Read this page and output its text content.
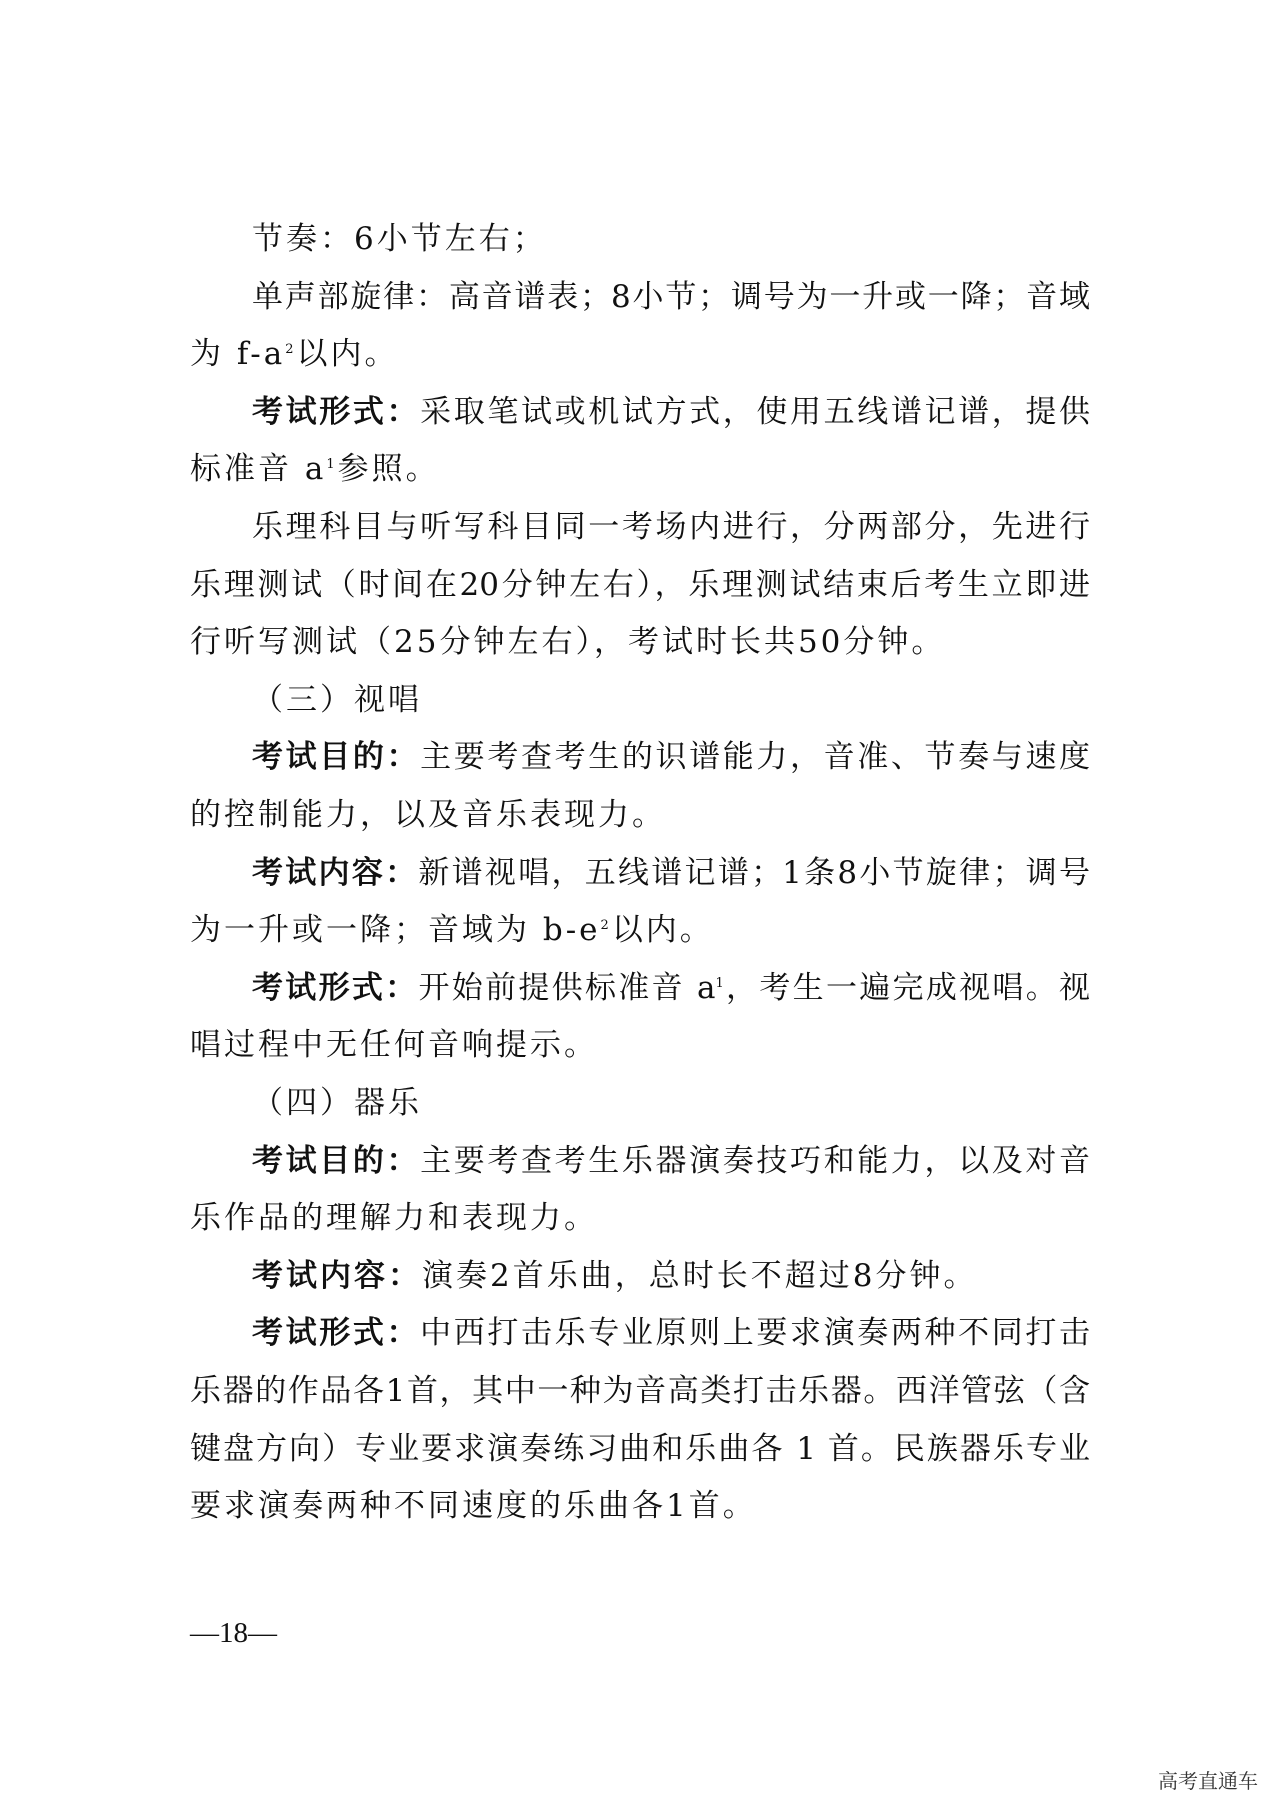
节奏：6小节左右；
单声部旋律：高音谱表；8小节；调号为一升或一降；音域
为 $f-a^2$以内。
考试形式：采取笔试或机试方式，使用五线谱记谱，提供
标准音 $a^1$参照。
乐理科目与听写科目同一考场内进行，分两部分，先进行
乐理测试（时间在20分钟左右），乐理测试结束后考生立即进
行听写测试（25分钟左右），考试时长共50分钟。
（三）视唱
考试目的：主要考查考生的识谱能力，音准、节奏与速度
的控制能力，以及音乐表现力。
考试内容：新谱视唱，五线谱记谱；1条8小节旋律；调号
为一升或一降；音域为 $b-e^2$以内。
考试形式：开始前提供标准音 $a^1$，考生一遍完成视唱。视
唱过程中无任何音响提示。
（四）器乐
考试目的：主要考查考生乐器演奏技巧和能力，以及对音
乐作品的理解力和表现力。
考试内容：演奏2首乐曲，总时长不超过8分钟。
考试形式：中西打击乐专业原则上要求演奏两种不同打击
乐器的作品各1首，其中一种为音高类打击乐器。西洋管弦（含
键盘方向）专业要求演奏练习曲和乐曲各 1 首。民族器乐专业
要求演奏两种不同速度的乐曲各1首。
高考直通车
—18—
